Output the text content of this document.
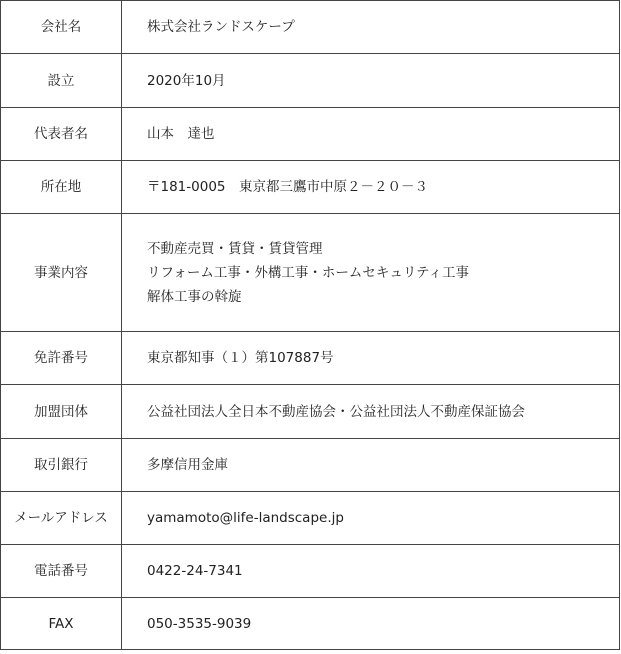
会社名	株式会社ランドスケープ
設立	2020年10月
代表者名	山本　達也
所在地	〒181-0005　東京都三鷹市中原２－２０－３
事業内容	不動産売買・賃貸・賃貸管理
リフォーム工事・外構工事・ホームセキュリティ工事
解体工事の斡旋

免許番号	東京都知事（１）第107887号
加盟団体	公益社団法人全日本不動産協会・公益社団法人不動産保証協会
取引銀行	多摩信用金庫
メールアドレス	yamamoto@life-landscape.jp
電話番号	0422-24-7341
FAX	050-3535-9039
